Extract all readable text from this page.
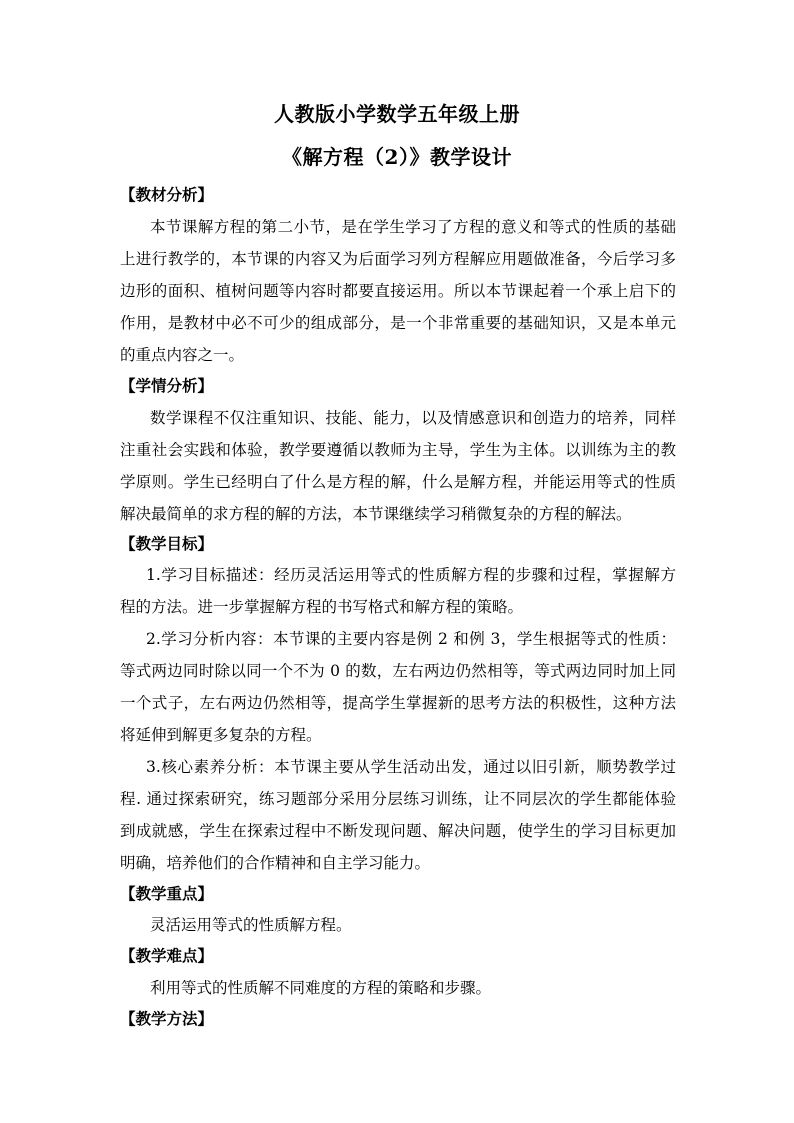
人教版小学数学五年级上册
《解方程（2）》教学设计
【教材分析】
本节课解方程的第二小节，是在学生学习了方程的意义和等式的性质的基础
上进行教学的，本节课的内容又为后面学习列方程解应用题做准备，今后学习多
边形的面积、植树问题等内容时都要直接运用。所以本节课起着一个承上启下的
作用，是教材中必不可少的组成部分，是一个非常重要的基础知识，又是本单元
的重点内容之一。
【学情分析】
数学课程不仅注重知识、技能、能力，以及情感意识和创造力的培养，同样
注重社会实践和体验，教学要遵循以教师为主导，学生为主体。以训练为主的教
学原则。学生已经明白了什么是方程的解，什么是解方程，并能运用等式的性质
解决最简单的求方程的解的方法，本节课继续学习稍微复杂的方程的解法。
【教学目标】
1.学习目标描述：经历灵活运用等式的性质解方程的步骤和过程，掌握解方
程的方法。进一步掌握解方程的书写格式和解方程的策略。
2.学习分析内容：本节课的主要内容是例 2 和例 3，学生根据等式的性质：
等式两边同时除以同一个不为 0 的数，左右两边仍然相等，等式两边同时加上同
一个式子，左右两边仍然相等，提高学生掌握新的思考方法的积极性，这种方法
将延伸到解更多复杂的方程。
3.核心素养分析：本节课主要从学生活动出发，通过以旧引新，顺势教学过
程. 通过探索研究，练习题部分采用分层练习训练，让不同层次的学生都能体验
到成就感，学生在探索过程中不断发现问题、解决问题，使学生的学习目标更加
明确，培养他们的合作精神和自主学习能力。
【教学重点】
灵活运用等式的性质解方程。
【教学难点】
利用等式的性质解不同难度的方程的策略和步骤。
【教学方法】
